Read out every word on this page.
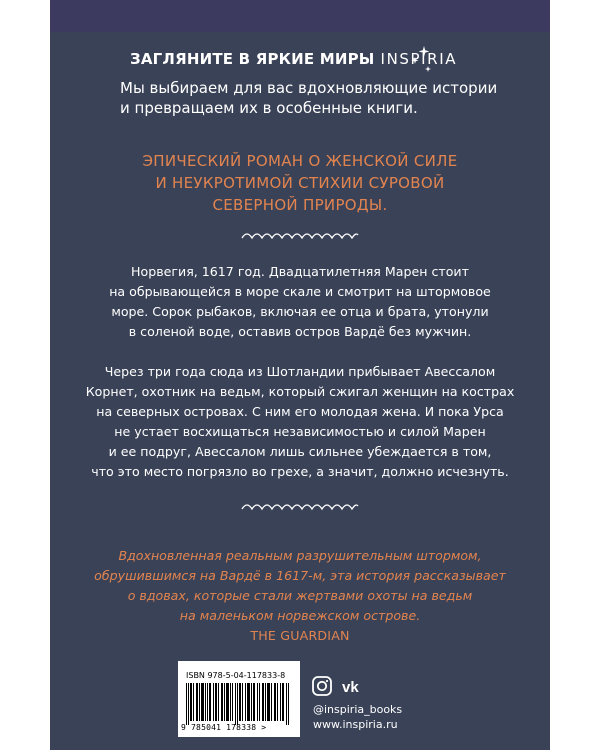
ЗАГЛЯНИТЕ В ЯРКИЕ МИРЫ INSPIRIA
Мы выбираем для вас вдохновляющие истории
и превращаем их в особенные книги.
ЭПИЧЕСКИЙ РОМАН О ЖЕНСКОЙ СИЛЕ
И НЕУКРОТИМОЙ СТИХИИ СУРОВОЙ
СЕВЕРНОЙ ПРИРОДЫ.
Норвегия, 1617 год. Двадцатилетняя Марен стоит
на обрывающейся в море скале и смотрит на штормовое
море. Сорок рыбаков, включая ее отца и брата, утонули
в соленой воде, оставив остров Вардё без мужчин.
Через три года сюда из Шотландии прибывает Авессалом
Корнет, охотник на ведьм, который сжигал женщин на кострах
на северных островах. С ним его молодая жена. И пока Урса
не устает восхищаться независимостью и силой Марен
и ее подруг, Авессалом лишь сильнее убеждается в том,
что это место погрязло во грехе, а значит, должно исчезнуть.
Вдохновленная реальным разрушительным штормом,
обрушившимся на Вардё в 1617-м, эта история рассказывает
о вдовах, которые стали жертвами охоты на ведьм
на маленьком норвежском острове.
THE GUARDIAN
ISBN 978-5-04-117833-8
9 785041 178338 >
vk
@inspiria_books
www.inspiria.ru
